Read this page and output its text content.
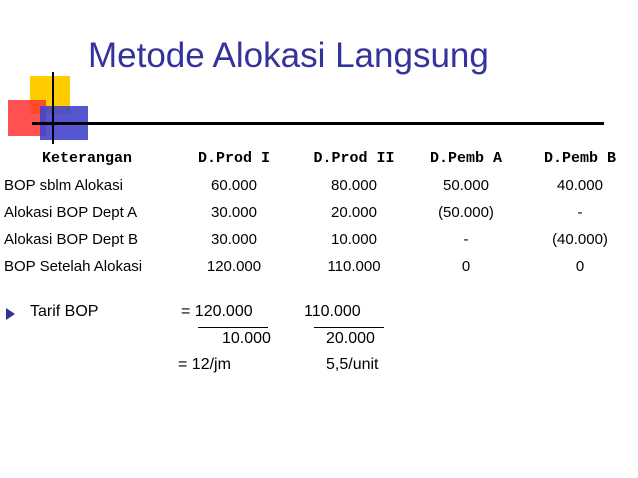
Metode Alokasi Langsung
Keterangan	D.Prod I	D.Prod II	D.Pemb A	D.Pemb B
BOP sblm Alokasi	60.000	80.000	50.000	40.000
Alokasi BOP Dept A	30.000	20.000	(50.000)	-
Alokasi BOP Dept B	30.000	10.000	-	(40.000)
BOP Setelah Alokasi	120.000	110.000	0	0
Tarif BOP	= 120.000	110.000
10.000	20.000
= 12/jm	5,5/unit
